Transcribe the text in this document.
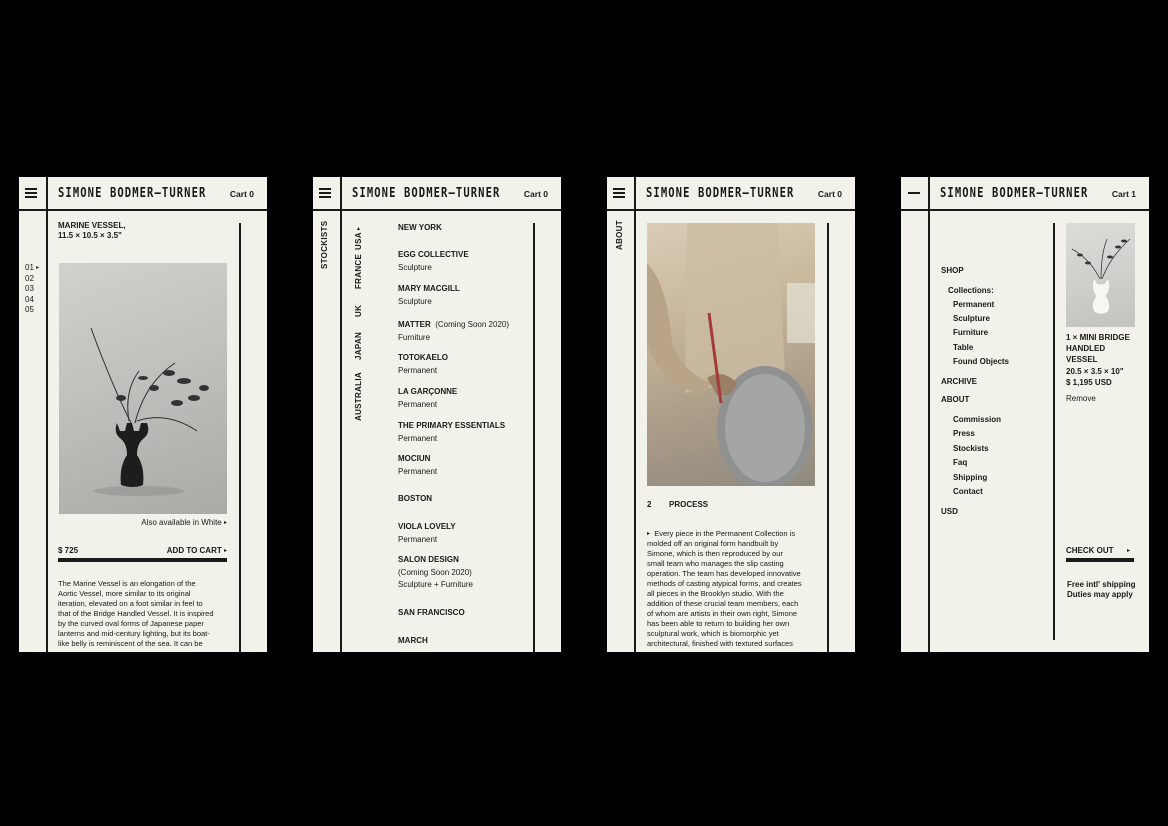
SIMONE BODMER—TURNER	Cart 0
MARINE VESSEL,
11.5 × 10.5 × 3.5"
01 ▸
02
03
04
05
Also available in White ▸
$ 725	ADD TO CART ▸
The Marine Vessel is an elongation of the
Aortic Vessel, more similar to its original
iteration, elevated on a foot similar in feel to
that of the Bridge Handled Vessel. It is inspired
by the curved oval forms of Japanese paper
lanterns and mid-century lighting, but its boat-
like belly is reminiscent of the sea. It can be
SIMONE BODMER—TURNER	Cart 0
STOCKISTS	USA ▸
FRANCE
UK
JAPAN
AUSTRALIA
NEW YORK
EGG COLLECTIVE
Sculpture
MARY MACGILL
Sculpture
MATTER (Coming Soon 2020)
Furniture
TOTOKAELO
Permanent
LA GARÇONNE
Permanent
THE PRIMARY ESSENTIALS
Permanent
MOCIUN
Permanent
BOSTON
VIOLA LOVELY
Permanent
SALON DESIGN
(Coming Soon 2020)
Sculpture + Furniture
SAN FRANCISCO
MARCH
SIMONE BODMER—TURNER	Cart 0
ABOUT
2 PROCESS
▸ Every piece in the Permanent Collection is
molded off an original form handbuilt by
Simone, which is then reproduced by our
small team who manages the slip casting
operation. The team has developed innovative
methods of casting atypical forms, and creates
all pieces in the Brooklyn studio. With the
addition of these crucial team members, each
of whom are artists in their own right, Simone
has been able to return to building her own
sculptural work, which is biomorphic yet
architectural, finished with textured surfaces
SIMONE BODMER—TURNER	Cart 1
SHOP
Collections:
Permanent
Sculpture
Furniture
Table
Found Objects
ARCHIVE
ABOUT
Commission
Press
Stockists
Faq
Shipping
Contact
USD
1 × MINI BRIDGE
HANDLED
VESSEL
20.5 × 3.5 × 10"
$ 1,195 USD
Remove
CHECK OUT ▸
Free intl' shipping
Duties may apply
